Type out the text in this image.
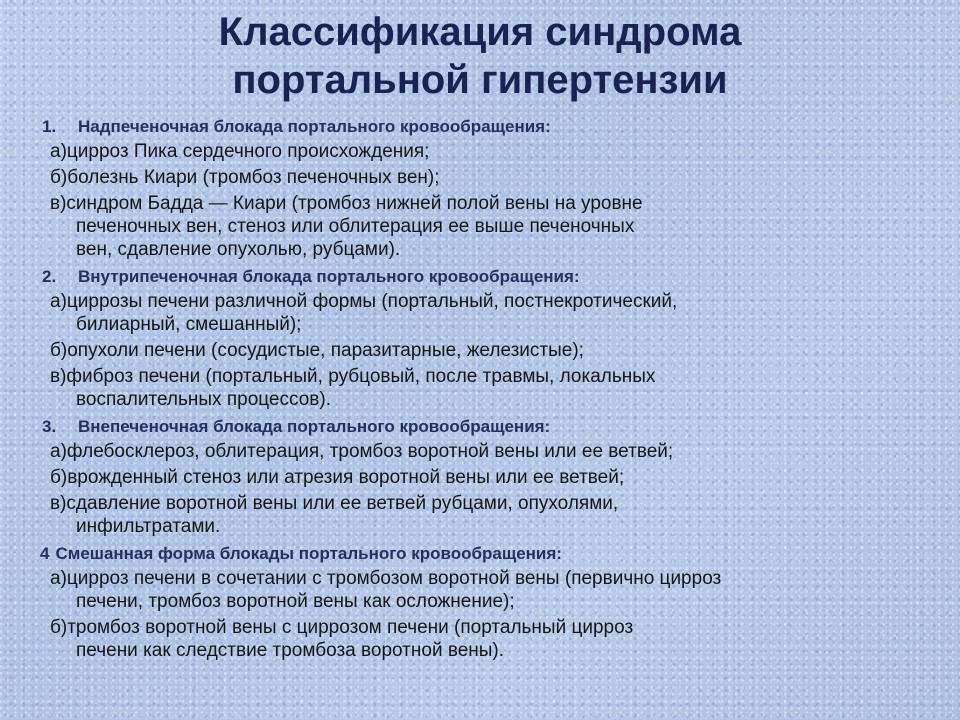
Классификация синдрома
портальной гипертензии
1. Надпеченочная блокада портального кровообращения:
а)цирроз Пика сердечного происхождения;
б)болезнь Киари (тромбоз печеночных вен);
в)синдром Бадда — Киари (тромбоз нижней полой вены на уровне
печеночных вен, стеноз или облитерация ее выше печеночных
вен, сдавление опухолью, рубцами).
2. Внутрипеченочная блокада портального кровообращения:
а)циррозы печени различной формы (портальный, постнекротический,
билиарный, смешанный);
б)опухоли печени (сосудистые, паразитарные, железистые);
в)фиброз печени (портальный, рубцовый, после травмы, локальных
воспалительных процессов).
3. Внепеченочная блокада портального кровообращения:
а)флебосклероз, облитерация, тромбоз воротной вены или ее ветвей;
б)врожденный стеноз или атрезия воротной вены или ее ветвей;
в)сдавление воротной вены или ее ветвей рубцами, опухолями,
инфильтратами.
4 Смешанная форма блокады портального кровообращения:
а)цирроз печени в сочетании с тромбозом воротной вены (первично цирроз
печени, тромбоз воротной вены как осложнение);
б)тромбоз воротной вены с циррозом печени (портальный цирроз
печени как следствие тромбоза воротной вены).
